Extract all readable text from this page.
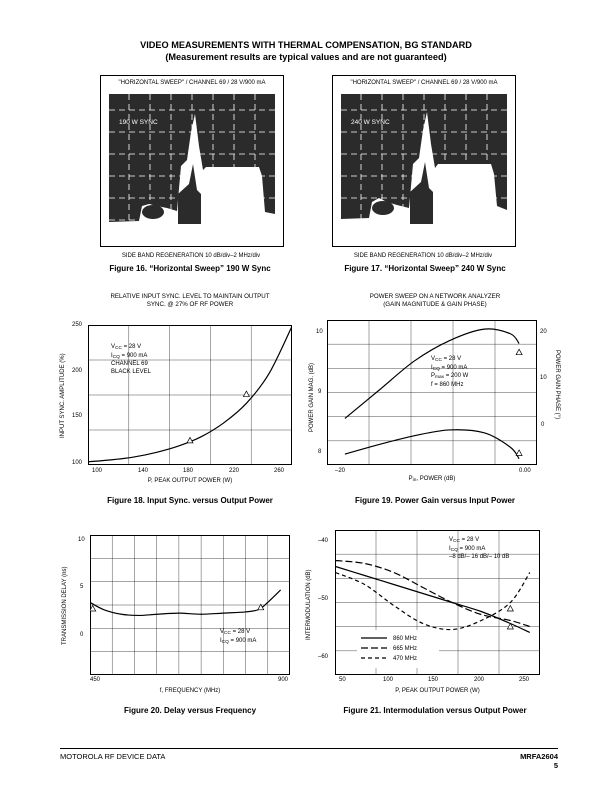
VIDEO MEASUREMENTS WITH THERMAL COMPENSATION, BG STANDARD
(Measurement results are typical values and are not guaranteed)
"HORIZONTAL SWEEP" / CHANNEL 69 / 28 V/900 mA
190 W SYNC
SIDE BAND REGENERATION 10 dB/div–2 MHz/div
Figure 16. “Horizontal Sweep” 190 W Sync
"HORIZONTAL SWEEP" / CHANNEL 69 / 28 V/900 mA
240 W SYNC
SIDE BAND REGENERATION 10 dB/div–2 MHz/div
Figure 17. “Horizontal Sweep” 240 W Sync
RELATIVE INPUT SYNC. LEVEL TO MAINTAIN OUTPUT
SYNC. @ 27% OF RF POWER
250
200
150
100
100	140	180	220	260
P, PEAK OUTPUT POWER (W)
INPUT SYNC. AMPLITUDE (%)
$V_{CC} = 28$ V
$I_{CQ} = 900$ mA
CHANNEL 69
BLACK LEVEL
Figure 18. Input Sync. versus Output Power
POWER SWEEP ON A NETWORK ANALYZER
(GAIN MAGNITUDE & GAIN PHASE)
10
9
8
20
10
0
–20	0.00
$P_{in}$, POWER (dB)
POWER GAIN MAG. (dB)	POWER GAIN PHASE (°)
$V_{CC} = 28$ V
$I_{CQ} = 900$ mA
$P_{max} = 200$ W
f = 860 MHz
Figure 19. Power Gain versus Input Power
10
5
0
450	900
f, FREQUENCY (MHz)
TRANSMISSION DELAY (ns)	$V_{CC} = 28$ V
$I_{CQ} = 900$ mA
Figure 20. Delay versus Frequency
–40
–50
–60
50	100	150	200	250
P, PEAK OUTPUT POWER (W)
INTERMODULATION (dB)
$V_{CC} = 28$ V
$I_{CQ} = 900$ mA
–8 dB/– 16 dB/– 10 dB
860 MHz
665 MHz
470 MHz
Figure 21. Intermodulation versus Output Power
MOTOROLA RF DEVICE DATA	MRFA2604
5
